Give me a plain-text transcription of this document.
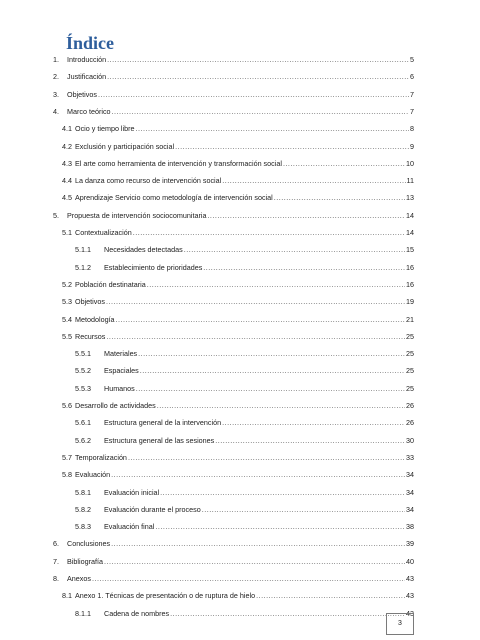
Índice
1.	Introducción .....	5
2.	Justificación .....	6
3.	Objetivos .....	7
4.	Marco teórico .....	7
4.1 Ocio y tiempo libre .....	8
4.2 Exclusión y participación social .....	9
4.3 El arte como herramienta de intervención y transformación social .....	10
4.4 La danza como recurso de intervención social .....	11
4.5 Aprendizaje Servicio como metodología de intervención social .....	13
5.	Propuesta de intervención sociocomunitaria .....	14
5.1 Contextualización .....	14
5.1.1	Necesidades detectadas .....	15
5.1.2	Establecimiento de prioridades .....	16
5.2 Población destinataria .....	16
5.3 Objetivos .....	19
5.4 Metodología .....	21
5.5 Recursos .....	25
5.5.1	Materiales .....	25
5.5.2	Espaciales .....	25
5.5.3	Humanos .....	25
5.6 Desarrollo de actividades .....	26
5.6.1	Estructura general de la intervención .....	26
5.6.2	Estructura general de las sesiones .....	30
5.7 Temporalización .....	33
5.8 Evaluación .....	34
5.8.1	Evaluación inicial .....	34
5.8.2	Evaluación durante el proceso .....	34
5.8.3	Evaluación final .....	38
6.	Conclusiones .....	39
7.	Bibliografía .....	40
8.	Anexos .....	43
8.1 Anexo 1. Técnicas de presentación o de ruptura de hielo .....	43
8.1.1	Cadena de nombres .....	43
3
